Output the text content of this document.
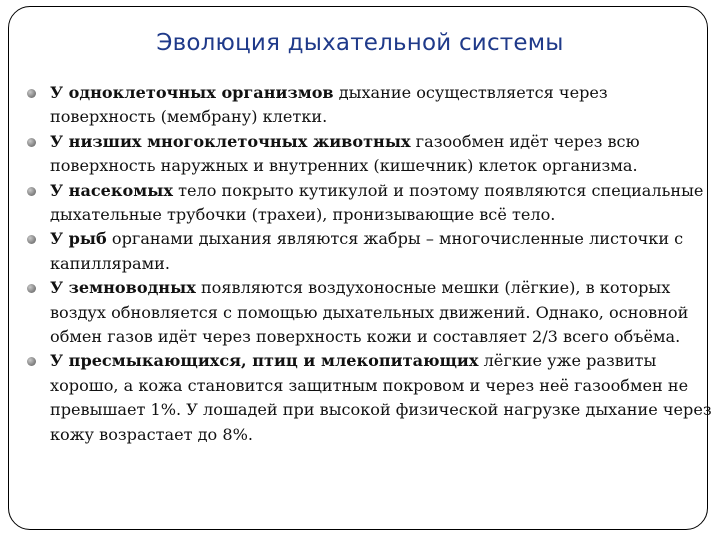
Эволюция дыхательной системы
У одноклеточных организмов дыхание осуществляется через поверхность (мембрану) клетки.
У низших многоклеточных животных газообмен идёт через всю поверхность наружных и внутренних (кишечник) клеток организма.
У насекомых тело покрыто кутикулой и поэтому появляются специальные дыхательные трубочки (трахеи), пронизывающие всё тело.
У рыб органами дыхания являются жабры – многочисленные листочки с капиллярами.
У земноводных появляются воздухоносные мешки (лёгкие), в которых воздух обновляется с помощью дыхательных движений. Однако, основной обмен газов идёт через поверхность кожи и составляет 2/3 всего объёма.
У пресмыкающихся, птиц и млекопитающих лёгкие уже развиты хорошо, а кожа становится защитным покровом и через неё газообмен не превышает 1%. У лошадей при высокой физической нагрузке дыхание через кожу возрастает до 8%.
